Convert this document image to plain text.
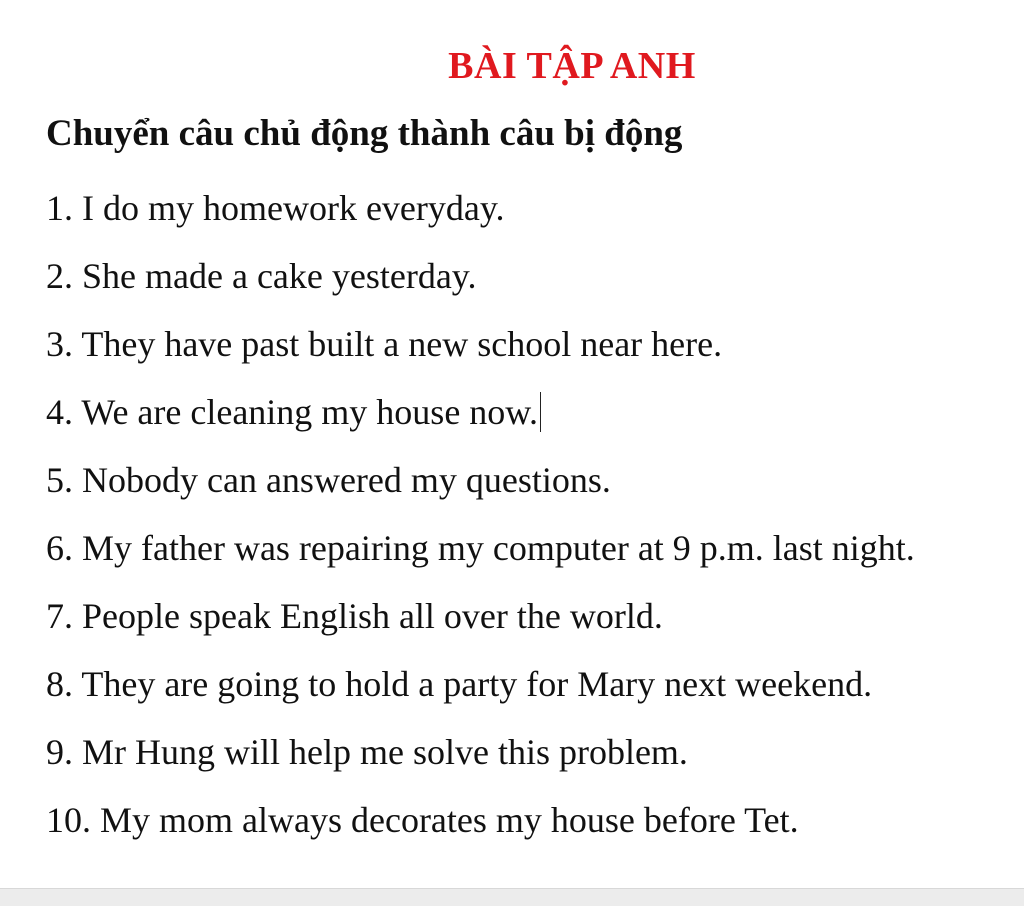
BÀI TẬP ANH
Chuyển câu chủ động thành câu bị động
1. I do my homework everyday.
2. She made a cake yesterday.
3. They have past built a new school near here.
4. We are cleaning my house now.
5. Nobody can answered my questions.
6. My father was repairing my computer at 9 p.m. last night.
7. People speak English all over the world.
8. They are going to hold a party for Mary next weekend.
9. Mr Hung will help me solve this problem.
10. My mom always decorates my house before Tet.
